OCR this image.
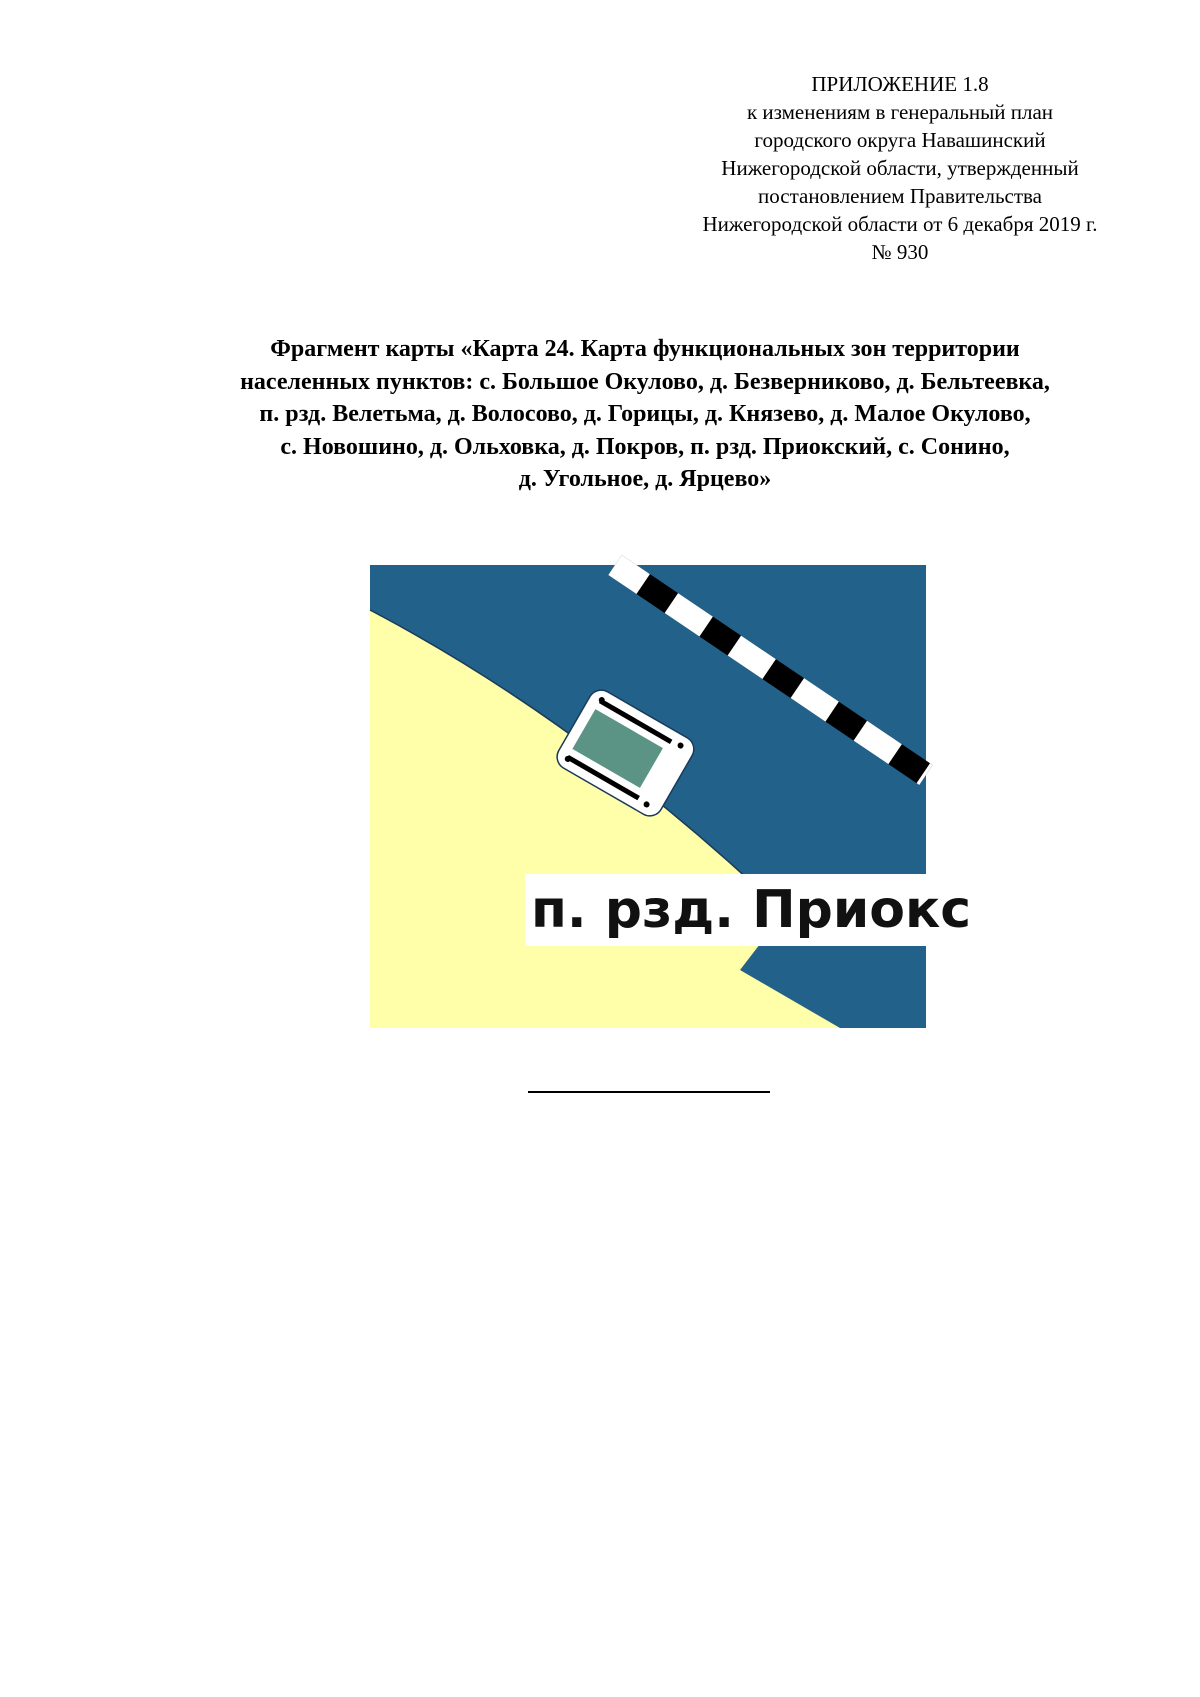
ПРИЛОЖЕНИЕ 1.8
к изменениям в генеральный план
городского округа Навашинский
Нижегородской области, утвержденный
постановлением Правительства
Нижегородской области от 6 декабря 2019 г.
№ 930
Фрагмент карты «Карта 24. Карта функциональных зон территории
населенных пунктов: с. Большое Окулово, д. Безверниково, д. Бельтеевка,
п. рзд. Велетьма, д. Волосово, д. Горицы, д. Князево, д. Малое Окулово,
с. Новошино, д. Ольховка, д. Покров, п. рзд. Приокский, с. Сонино,
д. Угольное, д. Ярцево»
п. рзд. Приокс
